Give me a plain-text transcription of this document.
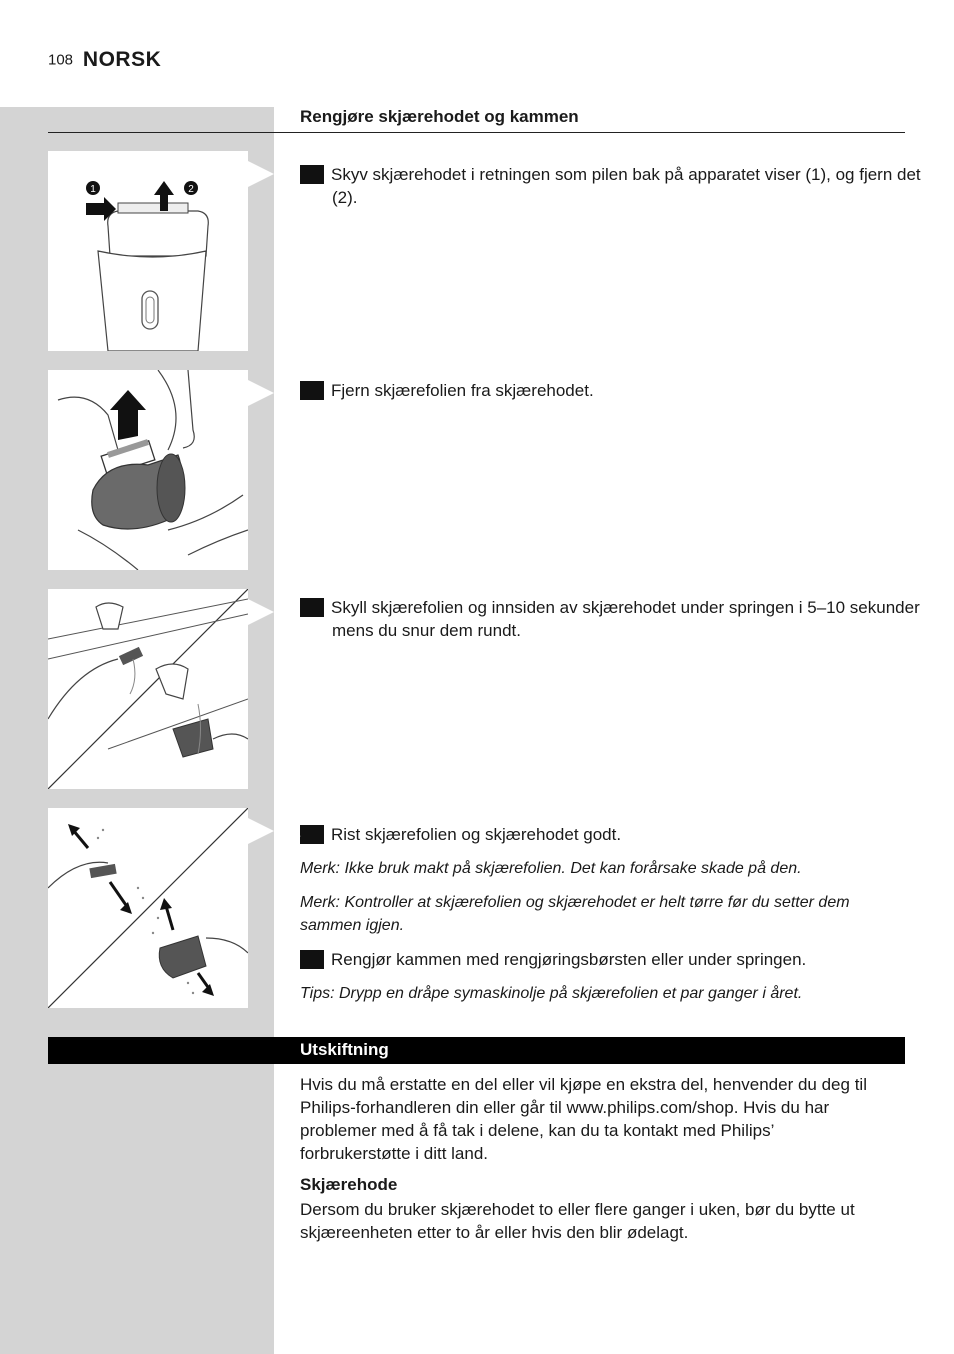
108 NORSK
Rengjøre skjærehodet og kammen
1	2
1 Skyv skjærehodet i retningen som pilen bak på apparatet viser (1), og fjern det (2).
2 Fjern skjærefolien fra skjærehodet.
3 Skyll skjærefolien og innsiden av skjærehodet under springen i 5–10 sekunder mens du snur dem rundt.
4 Rist skjærefolien og skjærehodet godt.
Merk: Ikke bruk makt på skjærefolien. Det kan forårsake skade på den.
Merk: Kontroller at skjærefolien og skjærehodet er helt tørre før du setter dem sammen igjen.
5 Rengjør kammen med rengjøringsbørsten eller under springen.
Tips: Drypp en dråpe symaskinolje på skjærefolien et par ganger i året.
Utskiftning
Hvis du må erstatte en del eller vil kjøpe en ekstra del, henvender du deg til Philips-forhandleren din eller går til www.philips.com/shop. Hvis du har problemer med å få tak i delene, kan du ta kontakt med Philips’ forbrukerstøtte i ditt land.
Skjærehode
Dersom du bruker skjærehodet to eller flere ganger i uken, bør du bytte ut skjæreenheten etter to år eller hvis den blir ødelagt.
